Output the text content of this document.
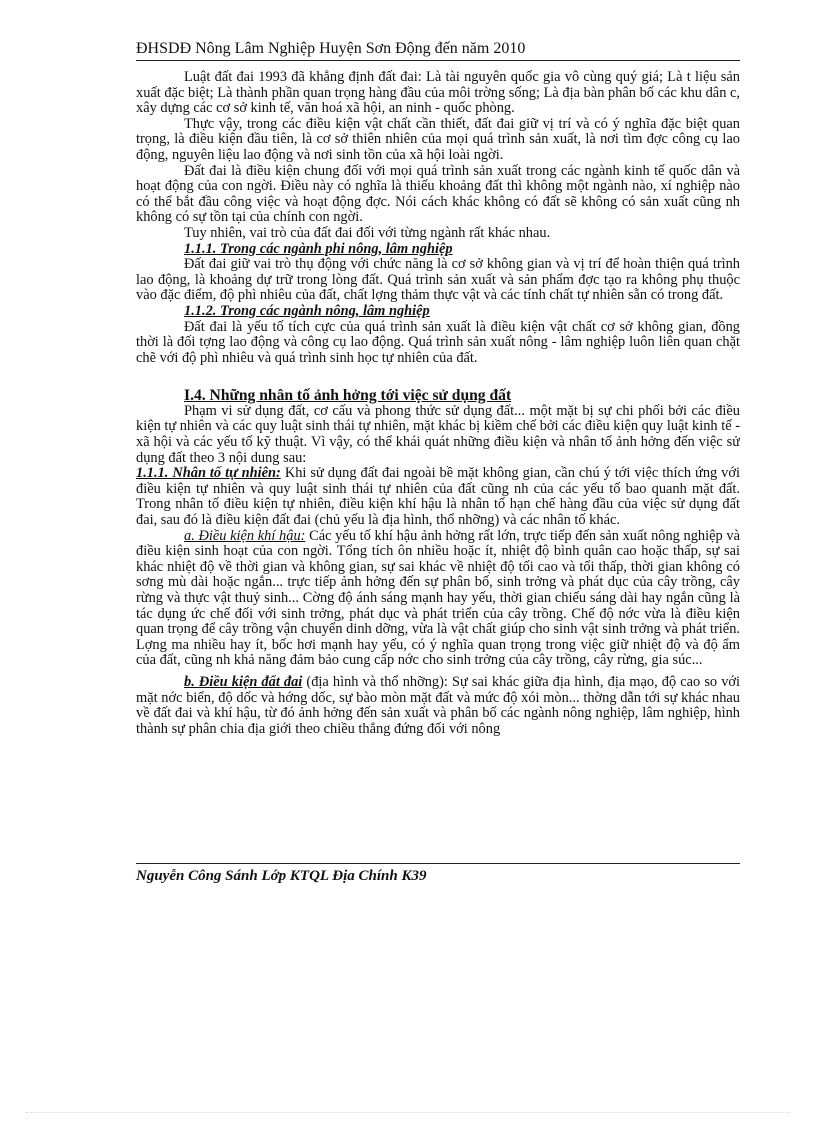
ĐHSDĐ Nông Lâm Nghiệp Huyện Sơn Động đến năm 2010

Luật đất đai 1993 đã khẳng định đất đai: Là tài nguyên quốc gia vô cùng quý giá; Là t liệu sản xuất đặc biệt; Là thành phần quan trọng hàng đầu của môi trờng sống; Là địa bàn phân bố các khu dân c, xây dựng các cơ sở kinh tế, văn hoá xã hội, an ninh - quốc phòng.

Thực vậy, trong các điều kiện vật chất cần thiết, đất đai giữ vị trí và có ý nghĩa đặc biệt quan trọng, là điều kiện đầu tiên, là cơ sở thiên nhiên của mọi quá trình sản xuất, là nơi tìm đợc công cụ lao động, nguyên liệu lao động và nơi sinh tồn của xã hội loài ngời.

Đất đai là điều kiện chung đối với mọi quá trình sản xuất trong các ngành kinh tế quốc dân và hoạt động của con ngời. Điều này có nghĩa là thiếu khoảng đất thì không một ngành nào, xí nghiệp nào có thể bắt đầu công việc và hoạt động đợc. Nói cách khác không có đất sẽ không có sản xuất cũng nh không có sự tồn tại của chính con ngời.

Tuy nhiên, vai trò của đất đai đối với từng ngành rất khác nhau.

1.1.1. Trong các ngành phi nông, lâm nghiệp

Đất đai giữ vai trò thụ động với chức năng là cơ sở không gian và vị trí để hoàn thiện quá trình lao động, là khoảng dự trữ trong lòng đất. Quá trình sản xuất và sản phẩm đợc tạo ra không phụ thuộc vào đặc điểm, độ phì nhiêu của đất, chất lợng thảm thực vật và các tính chất tự nhiên sẵn có trong đất.

1.1.2. Trong các ngành nông, lâm nghiệp

Đất đai là yếu tố tích cực của quá trình sản xuất là điều kiện vật chất cơ sở không gian, đồng thời là đối tợng lao động và công cụ lao động. Quá trình sản xuất nông - lâm nghiệp luôn liên quan chặt chẽ với độ phì nhiêu và quá trình sinh học tự nhiên của đất.

I.4. Những nhân tố ảnh hởng tới việc sử dụng đất

Phạm vi sử dụng đất, cơ cấu và phong thức sử dụng đất... một mặt bị sự chi phối bởi các điều kiện tự nhiên và các quy luật sinh thái tự nhiên, mặt khác bị kiềm chế bởi các điều kiện quy luật kinh tế - xã hội và các yếu tố kỹ thuật. Vì vậy, có thể khái quát những điều kiện và nhân tố ảnh hởng đến việc sử dụng đất theo 3 nội dung sau:

1.1.1. Nhân tố tự nhiên: Khi sử dụng đất đai ngoài bề mặt không gian, cần chú ý tới việc thích ứng với điều kiện tự nhiên và quy luật sinh thái tự nhiên của đất cũng nh của các yếu tố bao quanh mặt đất. Trong nhân tố điều kiện tự nhiên, điều kiện khí hậu là nhân tố hạn chế hàng đầu của việc sử dụng đất đai, sau đó là điều kiện đất đai (chủ yếu là địa hình, thổ nhỡng) và các nhân tố khác.

a. Điều kiện khí hậu: Các yếu tố khí hậu ảnh hởng rất lớn, trực tiếp đến sản xuất nông nghiệp và điều kiện sinh hoạt của con ngời. Tổng tích ôn nhiều hoặc ít, nhiệt độ bình quân cao hoặc thấp, sự sai khác nhiệt độ về thời gian và không gian, sự sai khác về nhiệt độ tối cao và tối thấp, thời gian không có sơng mù dài hoặc ngắn... trực tiếp ảnh hởng đến sự phân bố, sinh trởng và phát dục của cây trồng, cây rừng và thực vật thuỷ sinh... Cờng độ ánh sáng mạnh hay yếu, thời gian chiếu sáng dài hay ngắn cũng là tác dụng ức chế đối với sinh trởng, phát dục và phát triển của cây trồng. Chế độ nớc vừa là điều kiện quan trọng để cây trồng vận chuyển dinh dỡng, vừa là vật chất giúp cho sinh vật sinh trởng và phát triển. Lợng ma nhiều hay ít, bốc hơi mạnh hay yếu, có ý nghĩa quan trọng trong việc giữ nhiệt độ và độ ẩm của đất, cũng nh khả năng đảm bảo cung cấp nớc cho sinh trởng của cây trồng, cây rừng, gia súc...

b. Điều kiện đất đai (địa hình và thổ nhỡng): Sự sai khác giữa địa hình, địa mạo, độ cao so với mặt nớc biển, độ dốc và hớng dốc, sự bào mòn mặt đất và mức độ xói mòn... thờng dẫn tới sự khác nhau về đất đai và khí hậu, từ đó ảnh hởng đến sản xuất và phân bố các ngành nông nghiệp, lâm nghiệp, hình thành sự phân chia địa giới theo chiều thẳng đứng đối với nông

Nguyễn Công Sánh Lớp KTQL Địa Chính K39
